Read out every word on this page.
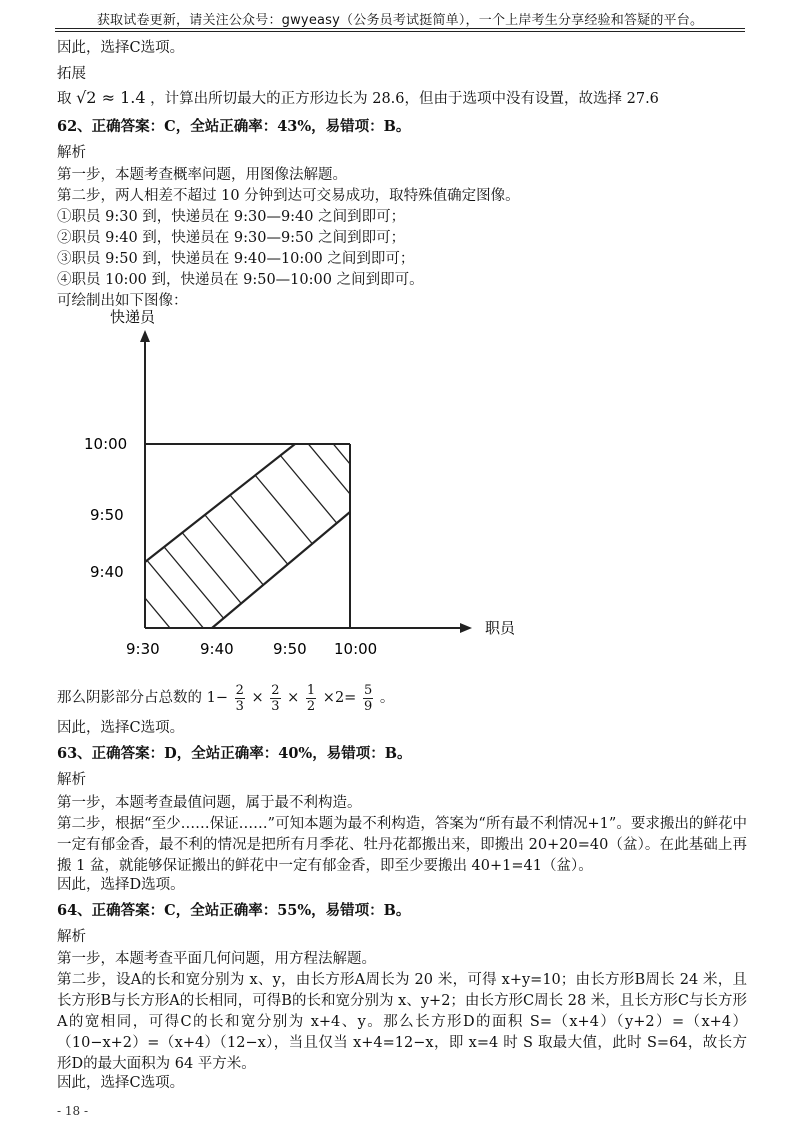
获取试卷更新，请关注公众号：gwyeasy（公务员考试挺简单），一个上岸考生分享经验和答疑的平台。
因此，选择C选项。
拓展
取 √2 ≈ 1.4 ，计算出所切最大的正方形边长为 28.6，但由于选项中没有设置，故选择 27.6
62、正确答案：C，全站正确率：43%，易错项：B。
解析
第一步，本题考查概率问题，用图像法解题。
第二步，两人相差不超过 10 分钟到达可交易成功，取特殊值确定图像。
①职员 9:30 到，快递员在 9:30—9:40 之间到即可；
②职员 9:40 到，快递员在 9:30—9:50 之间到即可；
③职员 9:50 到，快递员在 9:40—10:00 之间到即可；
④职员 10:00 到，快递员在 9:50—10:00 之间到即可。
可绘制出如下图像：
快递员
职员
10:00
9:50
9:40
9:30	9:40	9:50 10:00
那么阴影部分占总数的 $1- \frac{2}{3} \times \frac{2}{3} \times \frac{1}{2} \times 2= \frac{5}{9}$ 。
因此，选择C选项。
63、正确答案：D，全站正确率：40%，易错项：B。
解析
第一步，本题考查最值问题，属于最不利构造。
第二步，根据“至少……保证……”可知本题为最不利构造，答案为“所有最不利情况+1”。要求搬出的鲜花中一定有郁金香，最不利的情况是把所有月季花、牡丹花都搬出来，即搬出 20+20=40（盆）。在此基础上再搬 1 盆，就能够保证搬出的鲜花中一定有郁金香，即至少要搬出 40+1=41（盆）。
因此，选择D选项。
64、正确答案：C，全站正确率：55%，易错项：B。
解析
第一步，本题考查平面几何问题，用方程法解题。
第二步，设A的长和宽分别为 x、y，由长方形A周长为 20 米，可得 x+y=10；由长方形B周长 24 米，且长方形B与长方形A的长相同，可得B的长和宽分别为 x、y+2；由长方形C周长 28 米，且长方形C与长方形A的宽相同，可得C的长和宽分别为 x+4、y。那么长方形D的面积 S=（x+4）（y+2）=（x+4）（10−x+2）=（x+4）（12−x），当且仅当 x+4=12−x，即 x=4 时 S 取最大值，此时 S=64，故长方形D的最大面积为 64 平方米。
因此，选择C选项。
- 18 -
